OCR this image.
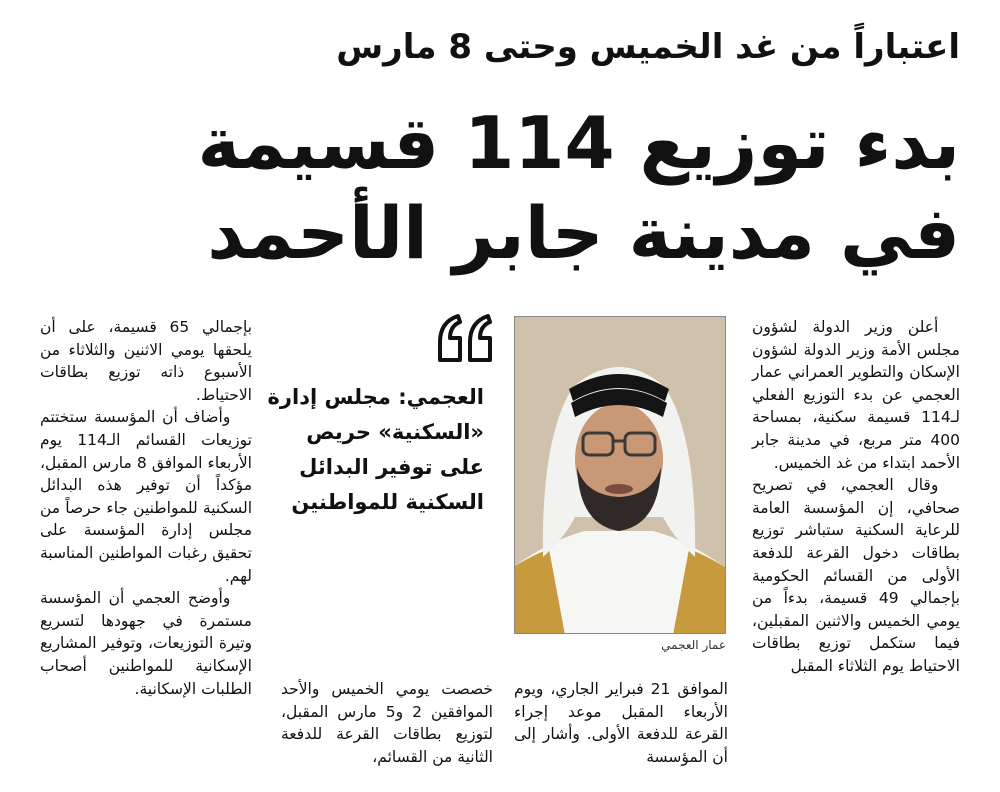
اعتباراً من غد الخميس وحتى 8 مارس
بدء توزيع 114 قسيمة
في مدينة جابر الأحمد

أعلن وزير الدولة لشؤون مجلس الأمة وزير الدولة لشؤون الإسكان والتطوير العمراني عمار العجمي عن بدء التوزيع الفعلي لـ114 قسيمة سكنية، بمساحة 400 متر مربع، في مدينة جابر الأحمد ابتداء من غد الخميس.

وقال العجمي، في تصريح صحافي، إن المؤسسة العامة للرعاية السكنية ستباشر توزيع بطاقات دخول القرعة للدفعة الأولى من القسائم الحكومية بإجمالي 49 قسيمة، بدءاً من يومي الخميس والاثنين المقبلين، فيما ستكمل توزيع بطاقات الاحتياط يوم الثلاثاء المقبل

عمار العجمي
العجمي: مجلس إدارة «السكنية» حريص على توفير البدائل السكنية للمواطنين

الموافق 21 فبراير الجاري، ويوم الأربعاء المقبل موعد إجراء القرعة للدفعة الأولى. وأشار إلى أن المؤسسة

خصصت يومي الخميس والأحد الموافقين 2 و5 مارس المقبل، لتوزيع بطاقات القرعة للدفعة الثانية من القسائم،

بإجمالي 65 قسيمة، على أن يلحقها يومي الاثنين والثلاثاء من الأسبوع ذاته توزيع بطاقات الاحتياط.

وأضاف أن المؤسسة ستختتم توزيعات القسائم الـ114 يوم الأربعاء الموافق 8 مارس المقبل، مؤكداً أن توفير هذه البدائل السكنية للمواطنين جاء حرصاً من مجلس إدارة المؤسسة على تحقيق رغبات المواطنين المناسبة لهم.

وأوضح العجمي أن المؤسسة مستمرة في جهودها لتسريع وتيرة التوزيعات، وتوفير المشاريع الإسكانية للمواطنين أصحاب الطلبات الإسكانية.
